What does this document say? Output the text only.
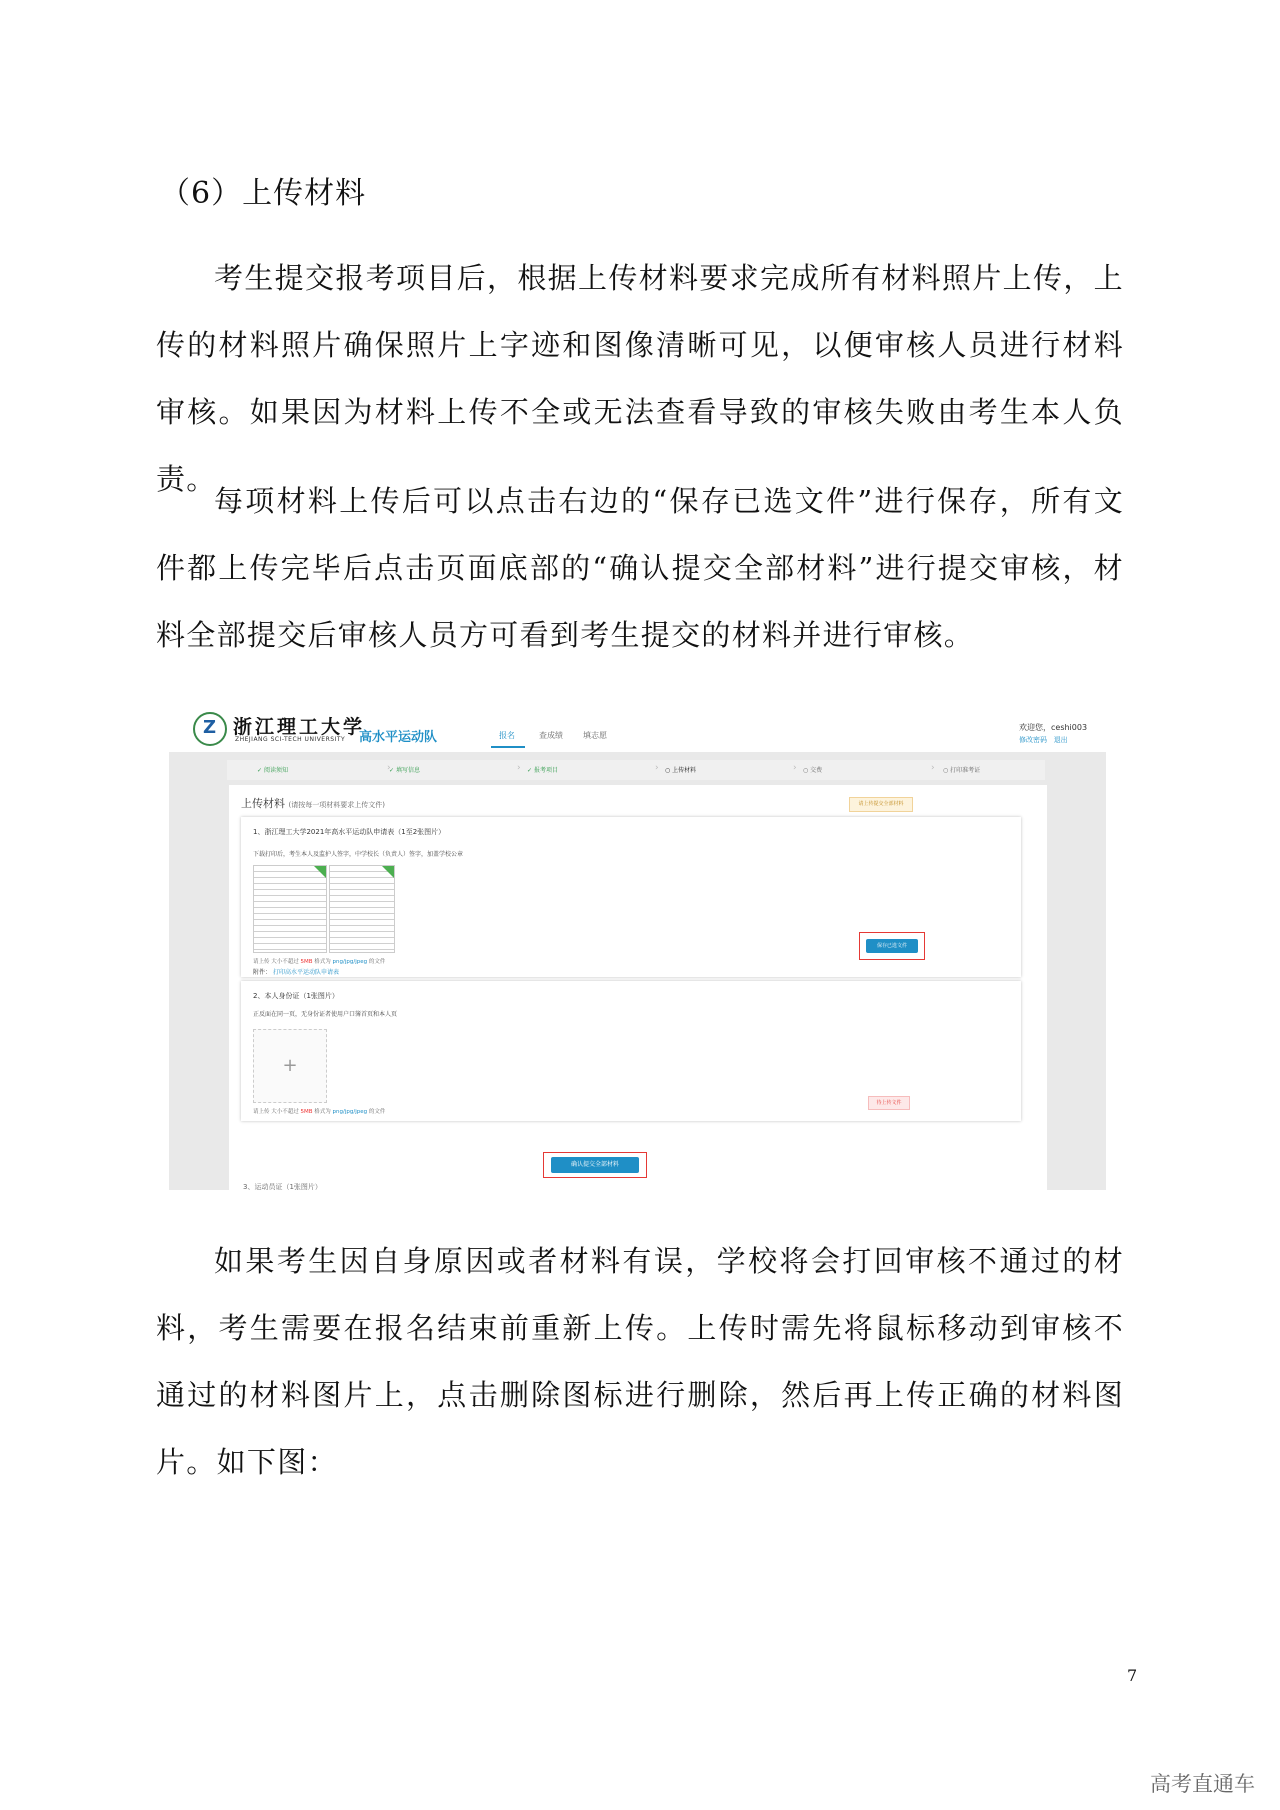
（6）上传材料
考生提交报考项目后，根据上传材料要求完成所有材料照片上传，上传的材料照片确保照片上字迹和图像清晰可见，以便审核人员进行材料审核。如果因为材料上传不全或无法查看导致的审核失败由考生本人负责。
每项材料上传后可以点击右边的“保存已选文件”进行保存，所有文件都上传完毕后点击页面底部的“确认提交全部材料”进行提交审核，材料全部提交后审核人员方可看到考生提交的材料并进行审核。
Z
浙江理工大学
ZHEJIANG SCI-TECH UNIVERSITY 高水平运动队	报名	查成绩	填志愿
欢迎您，ceshi003
修改密码 退出
✓ 阅读须知	›
✓ 填写信息	› ✓ 报考项目	› ○ 上传材料	› ○ 交费	› ○ 打印准考证
上传材料 (请按每一项材料要求上传文件)	请上传提交全部材料
1、浙江理工大学2021年高水平运动队申请表（1至2张图片）
下载打印后，考生本人及监护人签字，中学校长（负责人）签字，加盖学校公章
请上传 大小不超过 5MB 格式为 png/jpg/jpeg 的文件
附件： 打印高水平运动队申请表
保存已选文件
2、本人身份证（1张图片）
正反面在同一页，无身份证者使用户口簿首页和本人页
+
请上传 大小不超过 5MB 格式为 png/jpg/jpeg 的文件
待上传文件
确认提交全部材料
3、运动员证（1张图片）
如果考生因自身原因或者材料有误，学校将会打回审核不通过的材料，考生需要在报名结束前重新上传。上传时需先将鼠标移动到审核不通过的材料图片上，点击删除图标进行删除，然后再上传正确的材料图片。如下图：
7
高考直通车
